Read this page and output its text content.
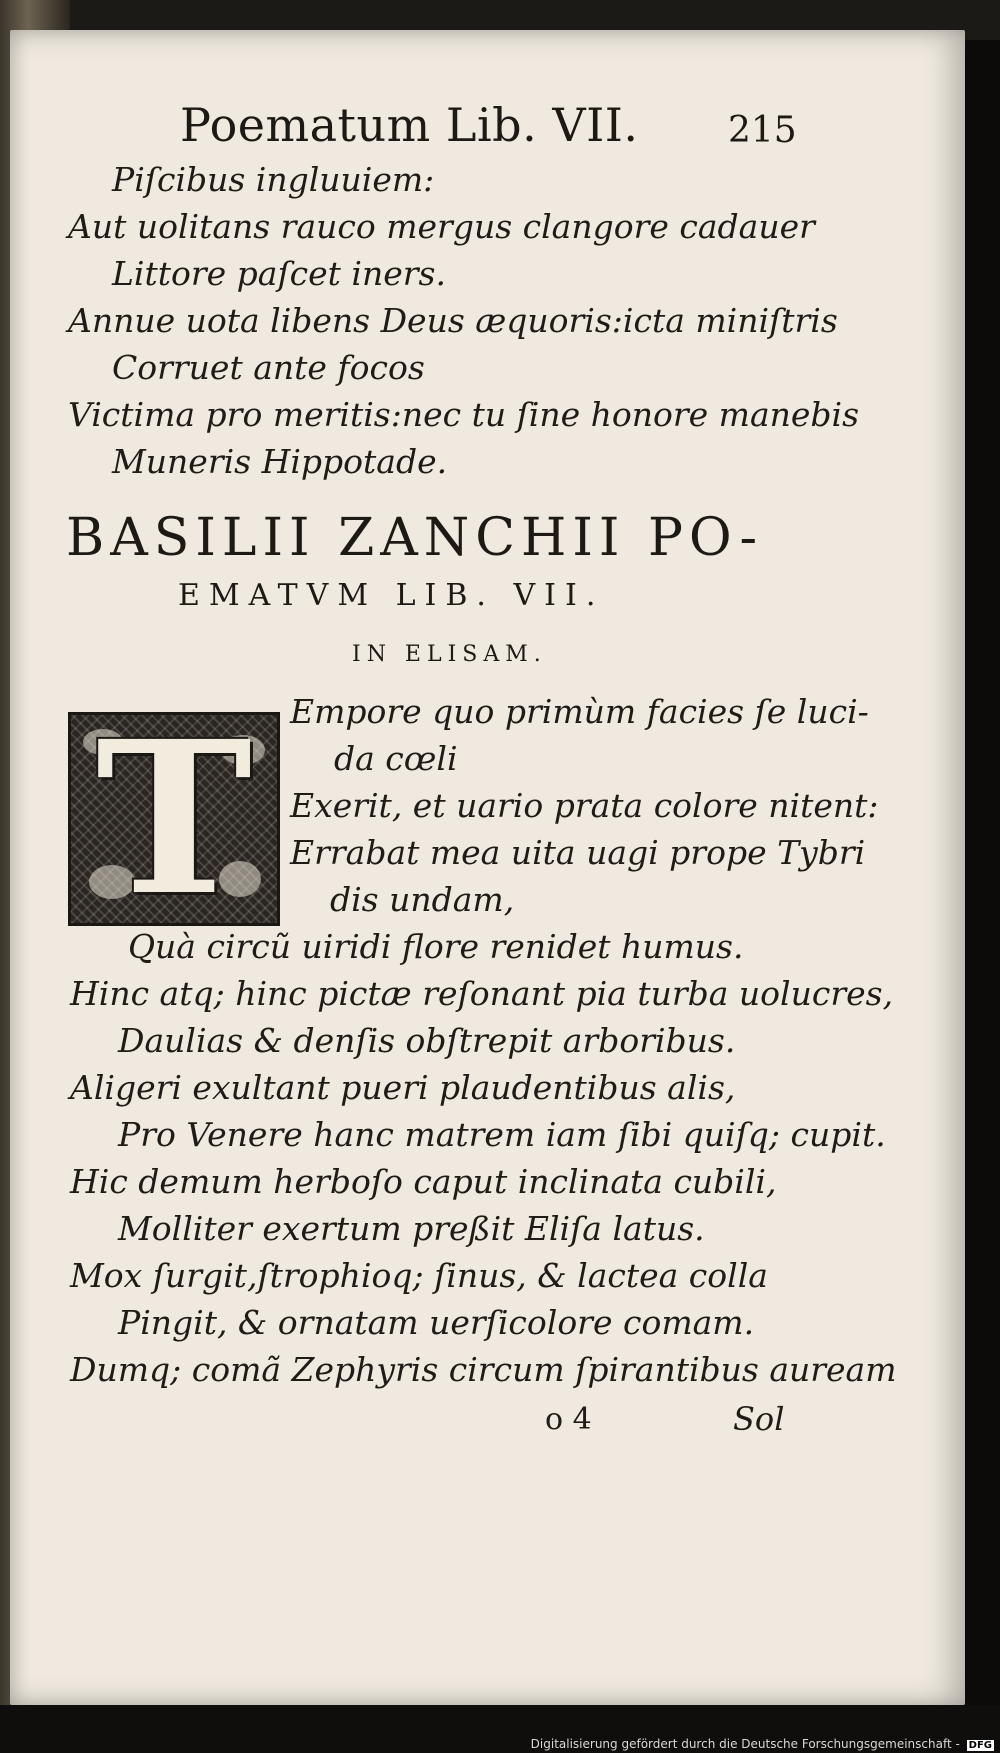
Poematum Lib. VII. 215
Piſcibus ingluuiem:
Aut uolitans rauco mergus clangore cadauer
Littore paſcet iners.
Annue uota libens Deus æquoris:icta miniſtris
Corruet ante focos
Victima pro meritis:nec tu ſine honore manebis
Muneris Hippotade.
BASILII ZANCHII PO-
EMATVM LIB. VII.
IN ELISAM.
T	Empore quo primùm facies ſe luci-
da cœli
Exerit, et uario prata colore nitent:
Errabat mea uita uagi prope Tybri
dis undam,
Quà circũ uiridi flore renidet humus.
Hinc atq; hinc pictæ reſonant pia turba uolucres,
Daulias & denſis obſtrepit arboribus.
Aligeri exultant pueri plaudentibus alis,
Pro Venere hanc matrem iam ſibi quiſq; cupit.
Hic demum herboſo caput inclinata cubili,
Molliter exertum preßit Eliſa latus.
Mox ſurgit,ſtrophioq; ſinus, & lactea colla
Pingit, & ornatam uerſicolore comam.
Dumq; comã Zephyris circum ſpirantibus auream
o 4	Sol
Digitalisierung gefördert durch die Deutsche Forschungsgemeinschaft - DFG
